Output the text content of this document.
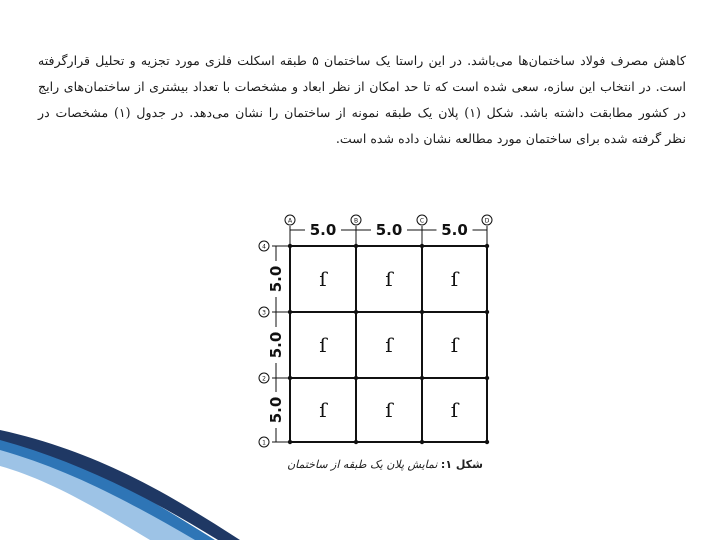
کاهش مصرف فولاد ساختمان‌ها می‌باشد. در این راستا یک ساختمان ۵ طبقه اسکلت فلزی مورد تجزیه و تحلیل قرارگرفته
است. در انتخاب این سازه، سعی شده است که تا حد امکان از نظر ابعاد و مشخصات با تعداد بیشتری از ساختمان‌های رایج
در کشور مطابقت داشته باشد. شکل (۱) پلان یک طبقه نمونه از ساختمان را نشان می‌دهد. در جدول (۱) مشخصات در
نظر گرفته شده برای ساختمان مورد مطالعه نشان داده شده است.
A	B	C	D
5.0	5.0	5.0
4
3
2
1
5.0
5.0
5.0
ſ	ſ	ſ
ſ	ſ	ſ
ſ	ſ	ſ
شکل ۱: نمایش پلان یک طبقه از ساختمان
